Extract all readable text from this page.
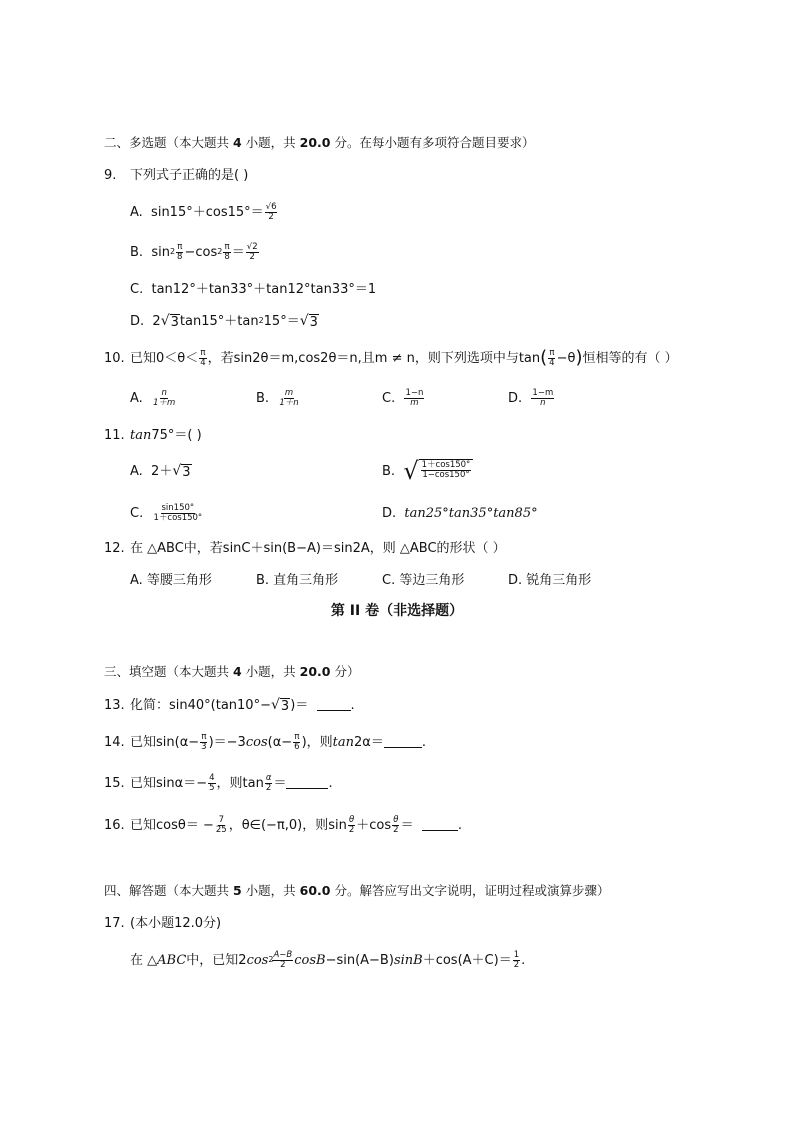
二、多选题（本大题共 4 小题，共 20.0 分。在每小题有多项符合题目要求）
9. 下列式子正确的是( )
A. $\sin 15^\circ+\cos 15^\circ= \frac{√6}{2}$
B. $\sin 2 \frac{\pi}{8} -\cos$ $2 \frac{\pi}{8} = \frac{√2}{2}$
C. tan12°＋tan33°＋tan12°tan33°＝1
D. 2 √ 3 tan15°＋tan 2 15°＝ √ 3
10. 已知$0<\theta< \frac{\pi}{4}$ ，若sin2θ＝m,cos2θ＝n,且m ≠ n，则下列选项中与tan ( $\frac{\pi}{4} -\theta$ ) 恒相等的有（ ）
A.
$\frac{n}{1+m}$	B.
$\frac{m}{1+n}$	C.
$\frac{1-n}{m}$	D.
$\frac{1-m}{n}$
11. tan75°＝( )
A. 2＋ √ 3	B.
√ $\frac{1+\cos 150^\circ}{1-\cos 150^\circ}$
C.
$\frac{\sin 150^\circ}{1+\cos 150^\circ}$	D. tan25°tan35°tan85°
12. 在 △ABC中，若sinC＋sin(B−A)＝sin2A，则 △ABC的形状（ ）
A. 等腰三角形	B. 直角三角形	C. 等边三角形	D. 锐角三角形
第 II 卷（非选择题）
三、填空题（本大题共 4 小题，共 20.0 分）
13. 化简：sin40°(tan10°− √ 3 )＝
	.
14. 已知$\sin(\alpha- \frac{\pi}{3} )=-3$ $\cos (\alpha- \frac{\pi}{6}$ )，则 tan 2α＝	.
15. 已知$\sin\alpha=- \frac{4}{5}$ ，则$\tan \frac{\alpha}{2}$ ＝	.
16. 已知$\cos\theta= - \frac{7}{25}$ ，θ∈(−π,0)，则$\sin \frac{\theta}{2} +\cos \frac{\theta}{2}$ ＝
	.
四、解答题（本大题共 5 小题，共 60.0 分。解答应写出文字说明，证明过程或演算步骤）
17. (本小题12.0分)
在 △ ABC 中，已知2 $\cos 2 \frac{A-B}{2}$ cosB −sin(A−B) $\sin B +\cos(A+C)= \frac{1}{2}$ .
